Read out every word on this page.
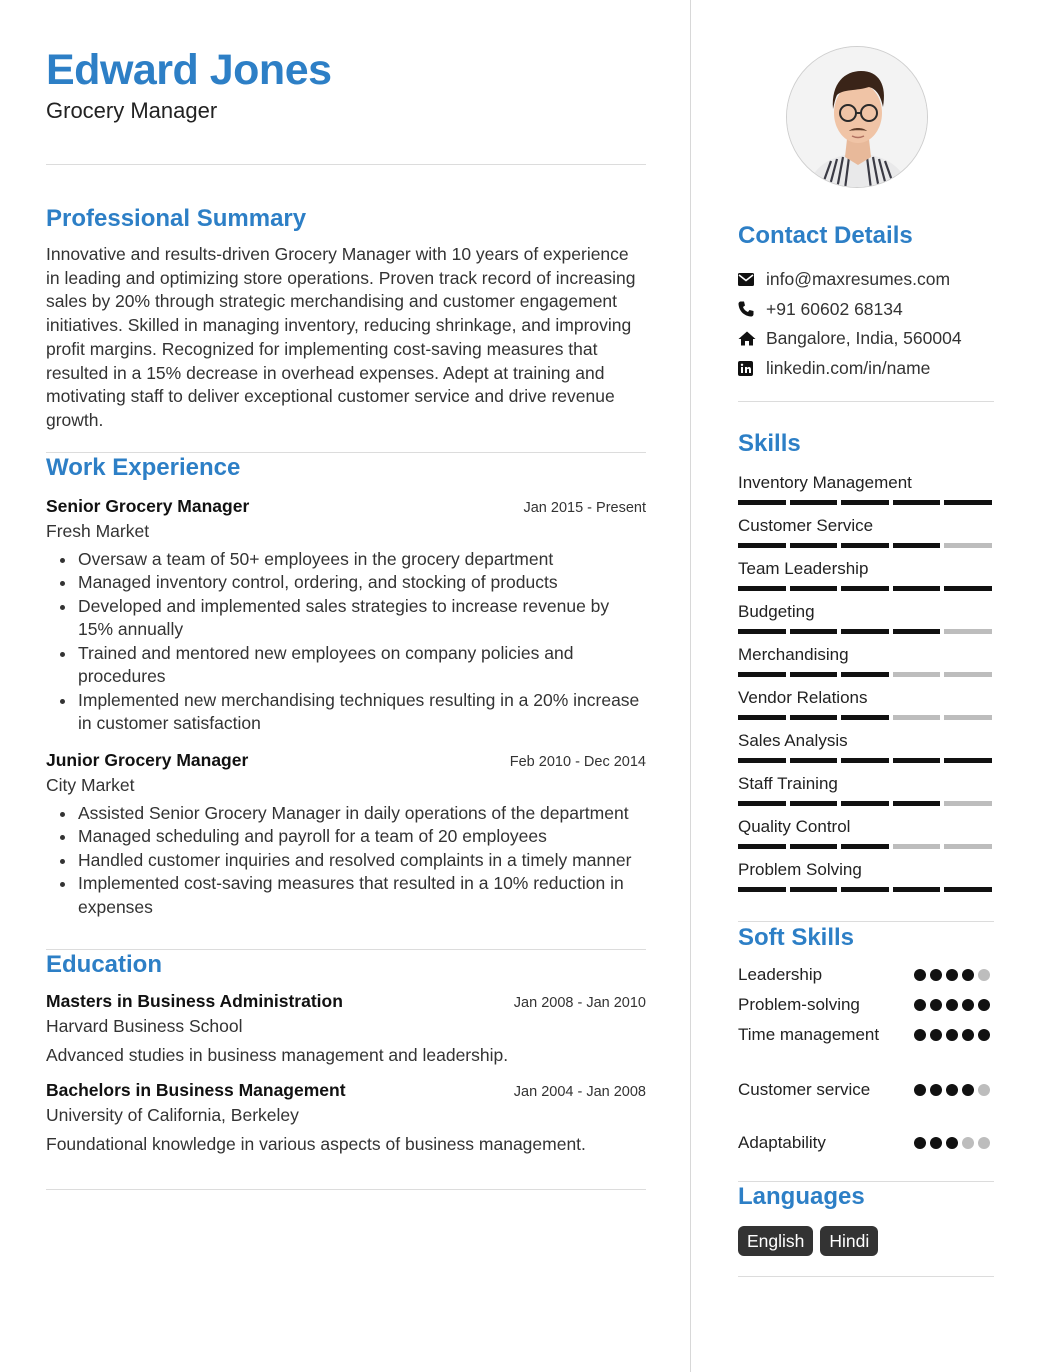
Edward Jones
Grocery Manager
Professional Summary
Innovative and results-driven Grocery Manager with 10 years of experience in leading and optimizing store operations. Proven track record of increasing sales by 20% through strategic merchandising and customer engagement initiatives. Skilled in managing inventory, reducing shrinkage, and improving profit margins. Recognized for implementing cost-saving measures that resulted in a 15% decrease in overhead expenses. Adept at training and motivating staff to deliver exceptional customer service and drive revenue growth.
Work Experience
Senior Grocery Manager	Jan 2015 - Present
Fresh Market
Oversaw a team of 50+ employees in the grocery department
Managed inventory control, ordering, and stocking of products
Developed and implemented sales strategies to increase revenue by 15% annually
Trained and mentored new employees on company policies and procedures
Implemented new merchandising techniques resulting in a 20% increase in customer satisfaction
Junior Grocery Manager	Feb 2010 - Dec 2014
City Market
Assisted Senior Grocery Manager in daily operations of the department
Managed scheduling and payroll for a team of 20 employees
Handled customer inquiries and resolved complaints in a timely manner
Implemented cost-saving measures that resulted in a 10% reduction in expenses
Education
Masters in Business Administration	Jan 2008 - Jan 2010
Harvard Business School
Advanced studies in business management and leadership.
Bachelors in Business Management	Jan 2004 - Jan 2008
University of California, Berkeley
Foundational knowledge in various aspects of business management.
Contact Details
info@maxresumes.com
+91 60602 68134
Bangalore, India, 560004
linkedin.com/in/name
Skills
Inventory Management
Customer Service
Team Leadership
Budgeting
Merchandising
Vendor Relations
Sales Analysis
Staff Training
Quality Control
Problem Solving
Soft Skills
Leadership
Problem-solving
Time management
Customer service
Adaptability
Languages
English	Hindi
